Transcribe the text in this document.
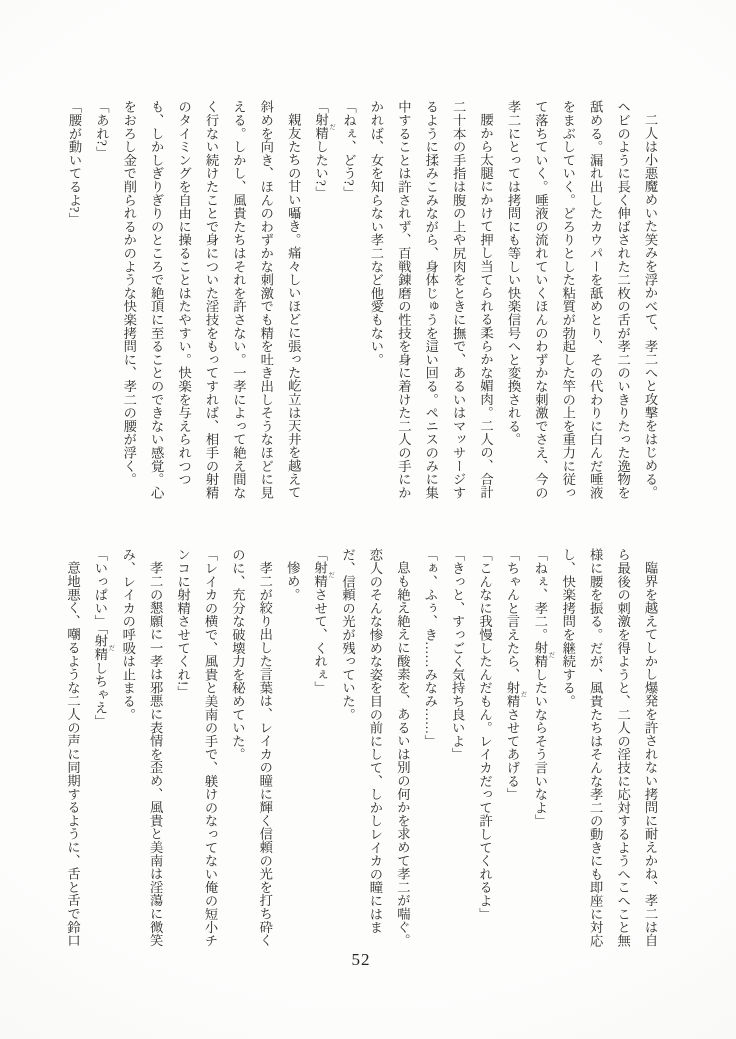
二人は小悪魔めいた笑みを浮かべて、孝二へと攻撃をはじめる。
ヘビのように長く伸ばされた二枚の舌が孝二のいきりたった逸物を
舐める。漏れ出したカウパーを舐めとり、その代わりに白んだ唾液
をまぶしていく。どろりとした粘質が勃起した竿の上を重力に従っ
て落ちていく。唾液の流れていくほんのわずかな刺激でさえ、今の
孝二にとっては拷問にも等しい快楽信号へと変換される。
腰から太腿にかけて押し当てられる柔らかな媚肉。二人の、合計
二十本の手指は腹の上や尻肉をときに撫で、あるいはマッサージす
るように揉みこみながら、身体じゅうを這い回る。ペニスのみに集
中することは許されず、百戦錬磨の性技を身に着けた二人の手にか
かれば、女を知らない孝二など他愛もない。
「ねぇ、どう?」
「射精 だしたい?」
親友たちの甘い囁き。痛々しいほどに張った屹立は天井を越えて
斜めを向き、ほんのわずかな刺激でも精を吐き出しそうなほどに見
える。しかし、風貴たちはそれを許さない。一孝によって絶え間な
く行ない続けたことで身についた淫技をもってすれば、相手の射精
のタイミングを自由に操ることはたやすい。快楽を与えられつつ
も、しかしぎりぎりのところで絶頂に至ることのできない感覚。心
をおろし金で削られるかのような快楽拷問に、孝二の腰が浮く。
「あれ?」
「腰が動いてるよ?」
臨界を越えてしかし爆発を許されない拷問に耐えかね、孝二は自
ら最後の刺激を得ようと、二人の淫技に応対するようへこへこと無
様に腰を振る。だが、風貴たちはそんな孝二の動きにも即座に対応
し、快楽拷問を継続する。
「ねぇ、孝二。射精 だしたいならそう言いなよ」
「ちゃんと言えたら、射精 ださせてあげる」
「こんなに我慢したんだもん。レイカだって許してくれるよ」
「きっと、すっごく気持ち良いよ」
「ぁ、ふぅ、き……みなみ……」
息も絶え絶えに酸素を、あるいは別の何かを求めて孝二が喘ぐ。
恋人のそんな惨めな姿を目の前にして、しかしレイカの瞳にはま
だ、信頼の光が残っていた。
「射精 ださせて、くれぇ」
惨め。
孝二が絞り出した言葉は、レイカの瞳に輝く信頼の光を打ち砕く
のに、充分な破壊力を秘めていた。
「レイカの横で、風貴と美南の手で、躾けのなってない俺の短小チ
ンコに射精させてくれ!」
孝二の懇願に一孝は邪悪に表情を歪め、風貴と美南は淫蕩に微笑
み、レイカの呼吸は止まる。
「いっぱい」「射精 だしちゃえ」
意地悪く、嘲るような二人の声に同期するように、舌と舌で鈴口
52
